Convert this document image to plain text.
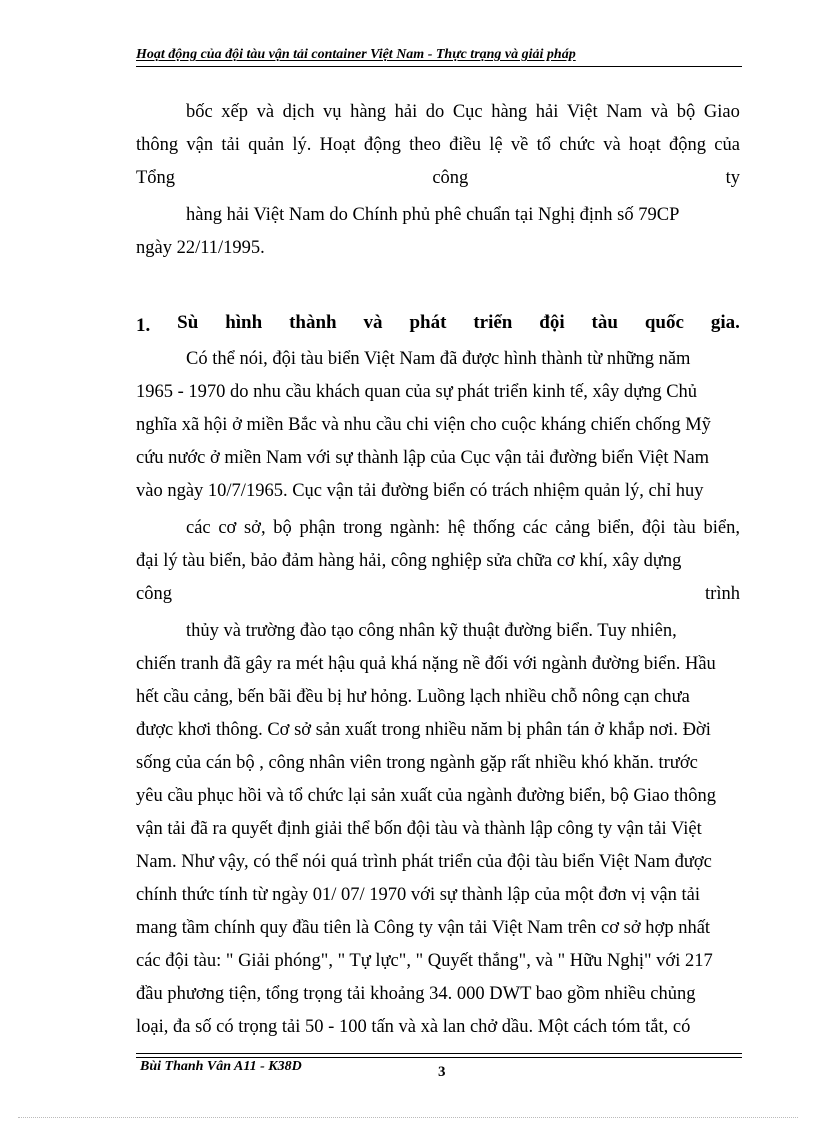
Hoạt động của đội tàu vận tải container Việt Nam - Thực trạng và giải pháp
bốc xếp và dịch vụ hàng hải do Cục hàng hải Việt Nam và bộ Giao
thông vận tải quản lý. Hoạt động theo điều lệ về tổ chức và hoạt động của
Tổng	công	ty
hàng hải Việt Nam do Chính phủ phê chuẩn tại Nghị định số 79CP
ngày 22/11/1995.
1. Sù hình thành và phát triển đội tàu quốc gia.
Có thể nói, đội tàu biển Việt Nam đã được hình thành từ những năm
1965 - 1970 do nhu cầu khách quan của sự phát triển kinh tế, xây dựng Chủ
nghĩa xã hội ở miền Bắc và nhu cầu chi viện cho cuộc kháng chiến chống Mỹ
cứu nước ở miền Nam với sự thành lập của Cục vận tải đường biển Việt Nam
vào ngày 10/7/1965. Cục vận tải đường biển có trách nhiệm quản lý, chỉ huy
các cơ sở, bộ phận trong ngành: hệ thống các cảng biển, đội tàu biển,
đại lý tàu biển, bảo đảm hàng hải, công nghiệp sửa chữa cơ khí, xây dựng
công	trình
thủy và trường đào tạo công nhân kỹ thuật đường biển. Tuy nhiên,
chiến tranh đã gây ra mét hậu quả khá nặng nề đối với ngành đường biển. Hầu
hết cầu cảng, bến bãi đều bị hư hỏng. Luồng lạch nhiều chỗ nông cạn chưa
được khơi thông. Cơ sở sản xuất trong nhiều năm bị phân tán ở khắp nơi. Đời
sống của cán bộ , công nhân viên trong ngành gặp rất nhiều khó khăn. trước
yêu cầu phục hồi và tổ chức lại sản xuất của ngành đường biển, bộ Giao thông
vận tải đã ra quyết định giải thể bốn đội tàu và thành lập công ty vận tải Việt
Nam. Như vậy, có thể nói quá trình phát triển của đội tàu biển Việt Nam được
chính thức tính từ ngày 01/ 07/ 1970 với sự thành lập của một đơn vị vận tải
mang tầm chính quy đầu tiên là Công ty vận tải Việt Nam trên cơ sở hợp nhất
các đội tàu: " Giải phóng", " Tự lực", " Quyết thắng", và " Hữu Nghị" với 217
đầu phương tiện, tổng trọng tải khoảng 34. 000 DWT bao gồm nhiều chủng
loại, đa số có trọng tải 50 - 100 tấn và xà lan chở dầu. Một cách tóm tắt, có
Bùi Thanh Vân A11 - K38D	3
